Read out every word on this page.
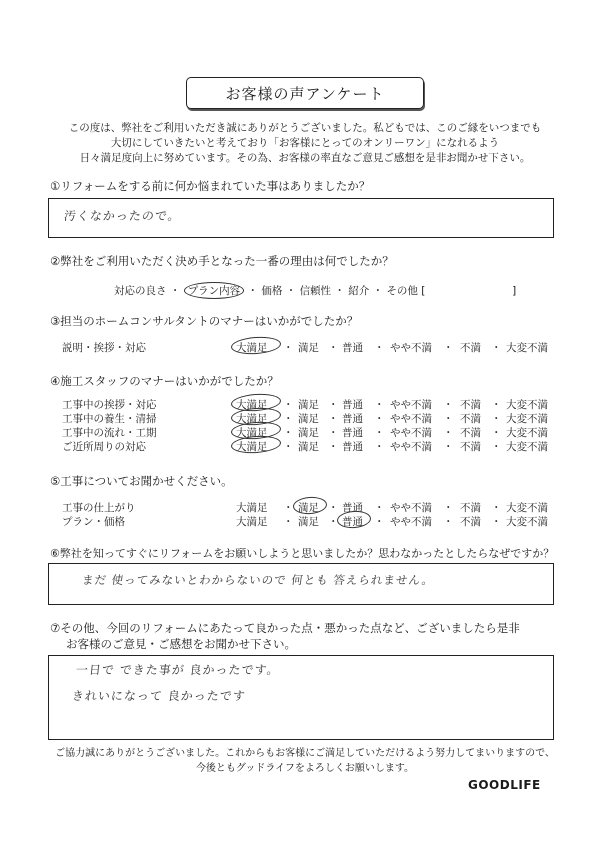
お客様の声アンケート
この度は、弊社をご利用いただき誠にありがとうございました。私どもでは、このご縁をいつまでも
大切にしていきたいと考えており「お客様にとってのオンリーワン」になれるよう
日々満足度向上に努めています。その為、お客様の率直なご意見ご感想を是非お聞かせ下さい。
①リフォームをする前に何か悩まれていた事はありましたか？
汚くなかったので。
②弊社をご利用いただく決め手となった一番の理由は何でしたか？
対応の良さ ・ プラン内容 ・ 価格 ・ 信頼性 ・ 紹介 ・ その他 [	]
③担当のホームコンサルタントのマナーはいかがでしたか？
説明・挨拶・対応
④施工スタッフのマナーはいかがでしたか？
工事中の挨拶・対応
工事中の養生・清掃
工事中の流れ・工期
ご近所周りの対応
⑤工事についてお聞かせください。
工事の仕上がり
プラン・価格
⑥弊社を知ってすぐにリフォームをお願いしようと思いましたか？思わなかったとしたらなぜですか？
まだ 使ってみないとわからないので 何とも 答えられません。
⑦その他、今回のリフォームにあたって良かった点・悪かった点など、ございましたら是非
お客様のご意見・ご感想をお聞かせ下さい。
一日で できた事が 良かったです。
きれいになって 良かったです
ご協力誠にありがとうございました。これからもお客様にご満足していただけるよう努力してまいりますので、
今後ともグッドライフをよろしくお願いします。
GOODLIFE
大満足 ・ 満足 ・ 普通 ・ やや不満 ・ 不満 ・ 大変不満
大満足 ・ 満足 ・ 普通 ・ やや不満 ・ 不満 ・ 大変不満
大満足 ・ 満足 ・ 普通 ・ やや不満 ・ 不満 ・ 大変不満
大満足 ・ 満足 ・ 普通 ・ やや不満 ・ 不満 ・ 大変不満
大満足 ・ 満足 ・ 普通 ・ やや不満 ・ 不満 ・ 大変不満
大満足 ・ 満足 ・ 普通 ・ やや不満 ・ 不満 ・ 大変不満
大満足 ・ 満足 ・ 普通 ・ やや不満 ・ 不満 ・ 大変不満
